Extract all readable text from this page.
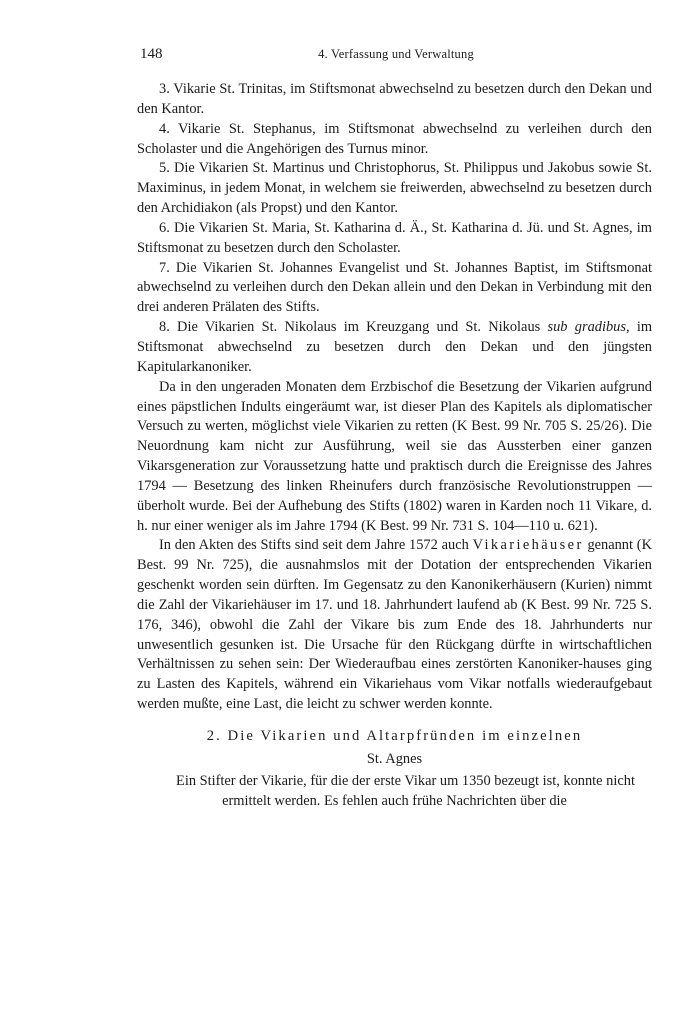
148	4. Verfassung und Verwaltung

3. Vikarie St. Trinitas, im Stiftsmonat abwechselnd zu besetzen durch den Dekan und den Kantor.

4. Vikarie St. Stephanus, im Stiftsmonat abwechselnd zu verleihen durch den Scholaster und die Angehörigen des Turnus minor.

5. Die Vikarien St. Martinus und Christophorus, St. Philippus und Jakobus sowie St. Maximinus, in jedem Monat, in welchem sie freiwerden, abwechselnd zu besetzen durch den Archidiakon (als Propst) und den Kantor.

6. Die Vikarien St. Maria, St. Katharina d. Ä., St. Katharina d. Jü. und St. Agnes, im Stiftsmonat zu besetzen durch den Scholaster.

7. Die Vikarien St. Johannes Evangelist und St. Johannes Baptist, im Stiftsmonat abwechselnd zu verleihen durch den Dekan allein und den Dekan in Verbindung mit den drei anderen Prälaten des Stifts.

8. Die Vikarien St. Nikolaus im Kreuzgang und St. Nikolaus sub gradibus, im Stiftsmonat abwechselnd zu besetzen durch den Dekan und den jüngsten Kapitularkanoniker.

Da in den ungeraden Monaten dem Erzbischof die Besetzung der Vikarien aufgrund eines päpstlichen Indults eingeräumt war, ist dieser Plan des Kapitels als diplomatischer Versuch zu werten, möglichst viele Vikarien zu retten (K Best. 99 Nr. 705 S. 25/26). Die Neuordnung kam nicht zur Ausführung, weil sie das Aussterben einer ganzen Vikarsgeneration zur Voraussetzung hatte und praktisch durch die Ereignisse des Jahres 1794 — Besetzung des linken Rheinufers durch französische Revolutionstruppen — überholt wurde. Bei der Aufhebung des Stifts (1802) waren in Karden noch 11 Vikare, d. h. nur einer weniger als im Jahre 1794 (K Best. 99 Nr. 731 S. 104—110 u. 621).

In den Akten des Stifts sind seit dem Jahre 1572 auch Vikariehäuser genannt (K Best. 99 Nr. 725), die ausnahmslos mit der Dotation der entsprechenden Vikarien geschenkt worden sein dürften. Im Gegensatz zu den Kanonikerhäusern (Kurien) nimmt die Zahl der Vikariehäuser im 17. und 18. Jahrhundert laufend ab (K Best. 99 Nr. 725 S. 176, 346), obwohl die Zahl der Vikare bis zum Ende des 18. Jahrhunderts nur unwesentlich gesunken ist. Die Ursache für den Rückgang dürfte in wirtschaftlichen Verhältnissen zu sehen sein: Der Wiederaufbau eines zerstörten Kanoniker-hauses ging zu Lasten des Kapitels, während ein Vikariehaus vom Vikar notfalls wiederaufgebaut werden mußte, eine Last, die leicht zu schwer werden konnte.

2. Die Vikarien und Altarpfründen im einzelnen
St. Agnes

Ein Stifter der Vikarie, für die der erste Vikar um 1350 bezeugt ist, konnte nicht ermittelt werden. Es fehlen auch frühe Nachrichten über die
